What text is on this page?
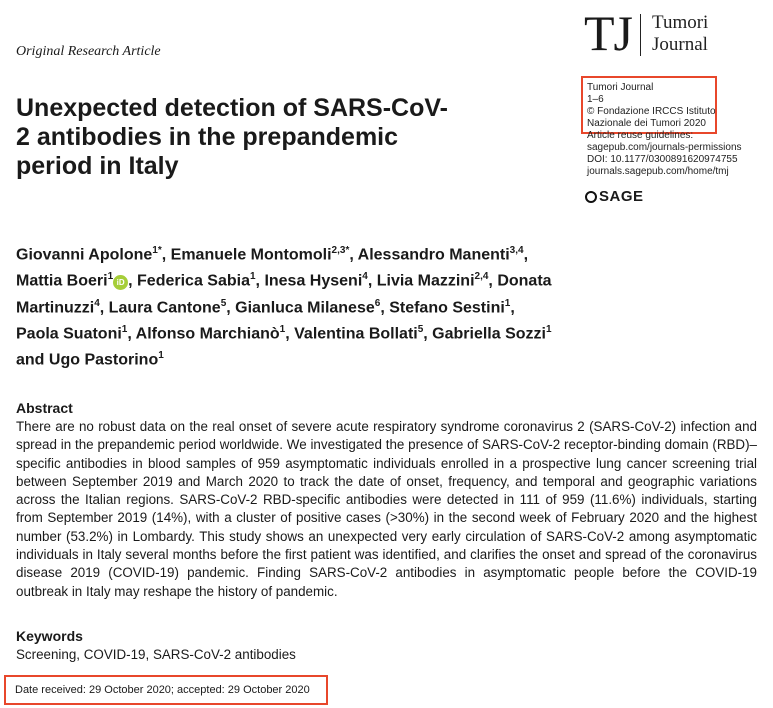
Original Research Article	TJ Tumori
Journal
Tumori Journal
1–6
© Fondazione IRCCS Istituto
Nazionale dei Tumori 2020
Article reuse guidelines:
sagepub.com/journals-permissions
DOI: 10.1177/0300891620974755
journals.sagepub.com/home/tmj
SAGE
Unexpected detection of SARS-CoV-2 antibodies in the prepandemic period in Italy
Giovanni Apolone$^{1*}$, Emanuele Montomoli$^{2,3*}$, Alessandro Manenti$^{3,4}$, Mattia Boeri$^1$ iD , Federica Sabia$^1$, Inesa Hyseni$^4$, Livia Mazzini$^{2,4}$, Donata Martinuzzi$^4$, Laura Cantone$^5$, Gianluca Milanese$^6$, Stefano Sestini$^1$, Paola Suatoni$^1$, Alfonso Marchianò$^1$, Valentina Bollati$^5$, Gabriella Sozzi$^1$ and Ugo Pastorino$^1$
Abstract

There are no robust data on the real onset of severe acute respiratory syndrome coronavirus 2 (SARS-CoV-2) infection and spread in the prepandemic period worldwide. We investigated the presence of SARS-CoV-2 receptor-binding domain (RBD)–specific antibodies in blood samples of 959 asymptomatic individuals enrolled in a prospective lung cancer screening trial between September 2019 and March 2020 to track the date of onset, frequency, and temporal and geographic variations across the Italian regions. SARS-CoV-2 RBD-specific antibodies were detected in 111 of 959 (11.6%) individuals, starting from September 2019 (14%), with a cluster of positive cases (>30%) in the second week of February 2020 and the highest number (53.2%) in Lombardy. This study shows an unexpected very early circulation of SARS-CoV-2 among asymptomatic individuals in Italy several months before the first patient was identified, and clarifies the onset and spread of the coronavirus disease 2019 (COVID-19) pandemic. Finding SARS-CoV-2 antibodies in asymptomatic people before the COVID-19 outbreak in Italy may reshape the history of pandemic.

Keywords
Screening, COVID-19, SARS-CoV-2 antibodies
Date received: 29 October 2020; accepted: 29 October 2020
